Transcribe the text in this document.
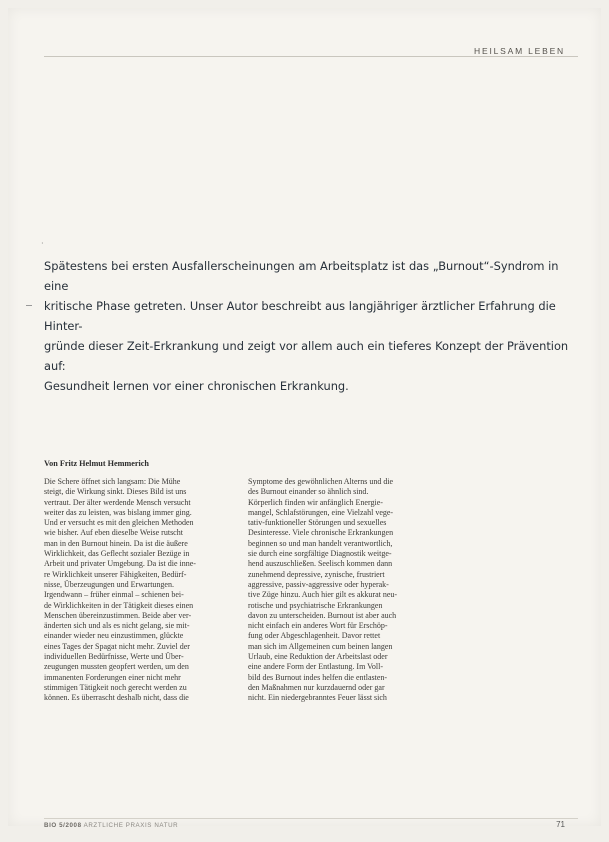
HEILSAM LEBEN
·

Spätestens bei ersten Ausfallerscheinungen am Arbeitsplatz ist das „Burnout“-Syndrom in eine
kritische Phase getreten. Unser Autor beschreibt aus langjähriger ärztlicher Erfahrung die Hinter-
gründe dieser Zeit-Erkrankung und zeigt vor allem auch ein tieferes Konzept der Prävention auf:
Gesundheit lernen vor einer chronischen Erkrankung.

Von Fritz Helmut Hemmerich
Die Schere öffnet sich langsam: Die Mühe
steigt, die Wirkung sinkt. Dieses Bild ist uns
vertraut. Der älter werdende Mensch versucht
weiter das zu leisten, was bislang immer ging.
Und er versucht es mit den gleichen Methoden
wie bisher. Auf eben dieselbe Weise rutscht
man in den Burnout hinein. Da ist die äußere
Wirklichkeit, das Geflecht sozialer Bezüge in
Arbeit und privater Umgebung. Da ist die inne-
re Wirklichkeit unserer Fähigkeiten, Bedürf-
nisse, Überzeugungen und Erwartungen.
Irgendwann – früher einmal – schienen bei-
de Wirklichkeiten in der Tätigkeit dieses einen
Menschen übereinzustimmen. Beide aber ver-
änderten sich und als es nicht gelang, sie mit-
einander wieder neu einzustimmen, glückte
eines Tages der Spagat nicht mehr. Zuviel der
individuellen Bedürfnisse, Werte und Über-
zeugungen mussten geopfert werden, um den
immanenten Forderungen einer nicht mehr
stimmigen Tätigkeit noch gerecht werden zu
können. Es überrascht deshalb nicht, dass die
Symptome des gewöhnlichen Alterns und die
des Burnout einander so ähnlich sind.
Körperlich finden wir anfänglich Energie-
mangel, Schlafstörungen, eine Vielzahl vege-
tativ-funktioneller Störungen und sexuelles
Desinteresse. Viele chronische Erkrankungen
beginnen so und man handelt verantwortlich,
sie durch eine sorgfältige Diagnostik weitge-
hend auszuschließen. Seelisch kommen dann
zunehmend depressive, zynische, frustriert
aggressive, passiv-aggressive oder hyperak-
tive Züge hinzu. Auch hier gilt es akkurat neu-
rotische und psychiatrische Erkrankungen
davon zu unterscheiden. Burnout ist aber auch
nicht einfach ein anderes Wort für Erschöp-
fung oder Abgeschlagenheit. Davor rettet
man sich im Allgemeinen cum beinen langen
Urlaub, eine Reduktion der Arbeitslast oder
eine andere Form der Entlastung. Im Voll-
bild des Burnout indes helfen die entlasten-
den Maßnahmen nur kurzdauernd oder gar
nicht. Ein niedergebranntes Feuer lässt sich
BIO 5/2008 ARZTLICHE PRAXIS NATUR	71
